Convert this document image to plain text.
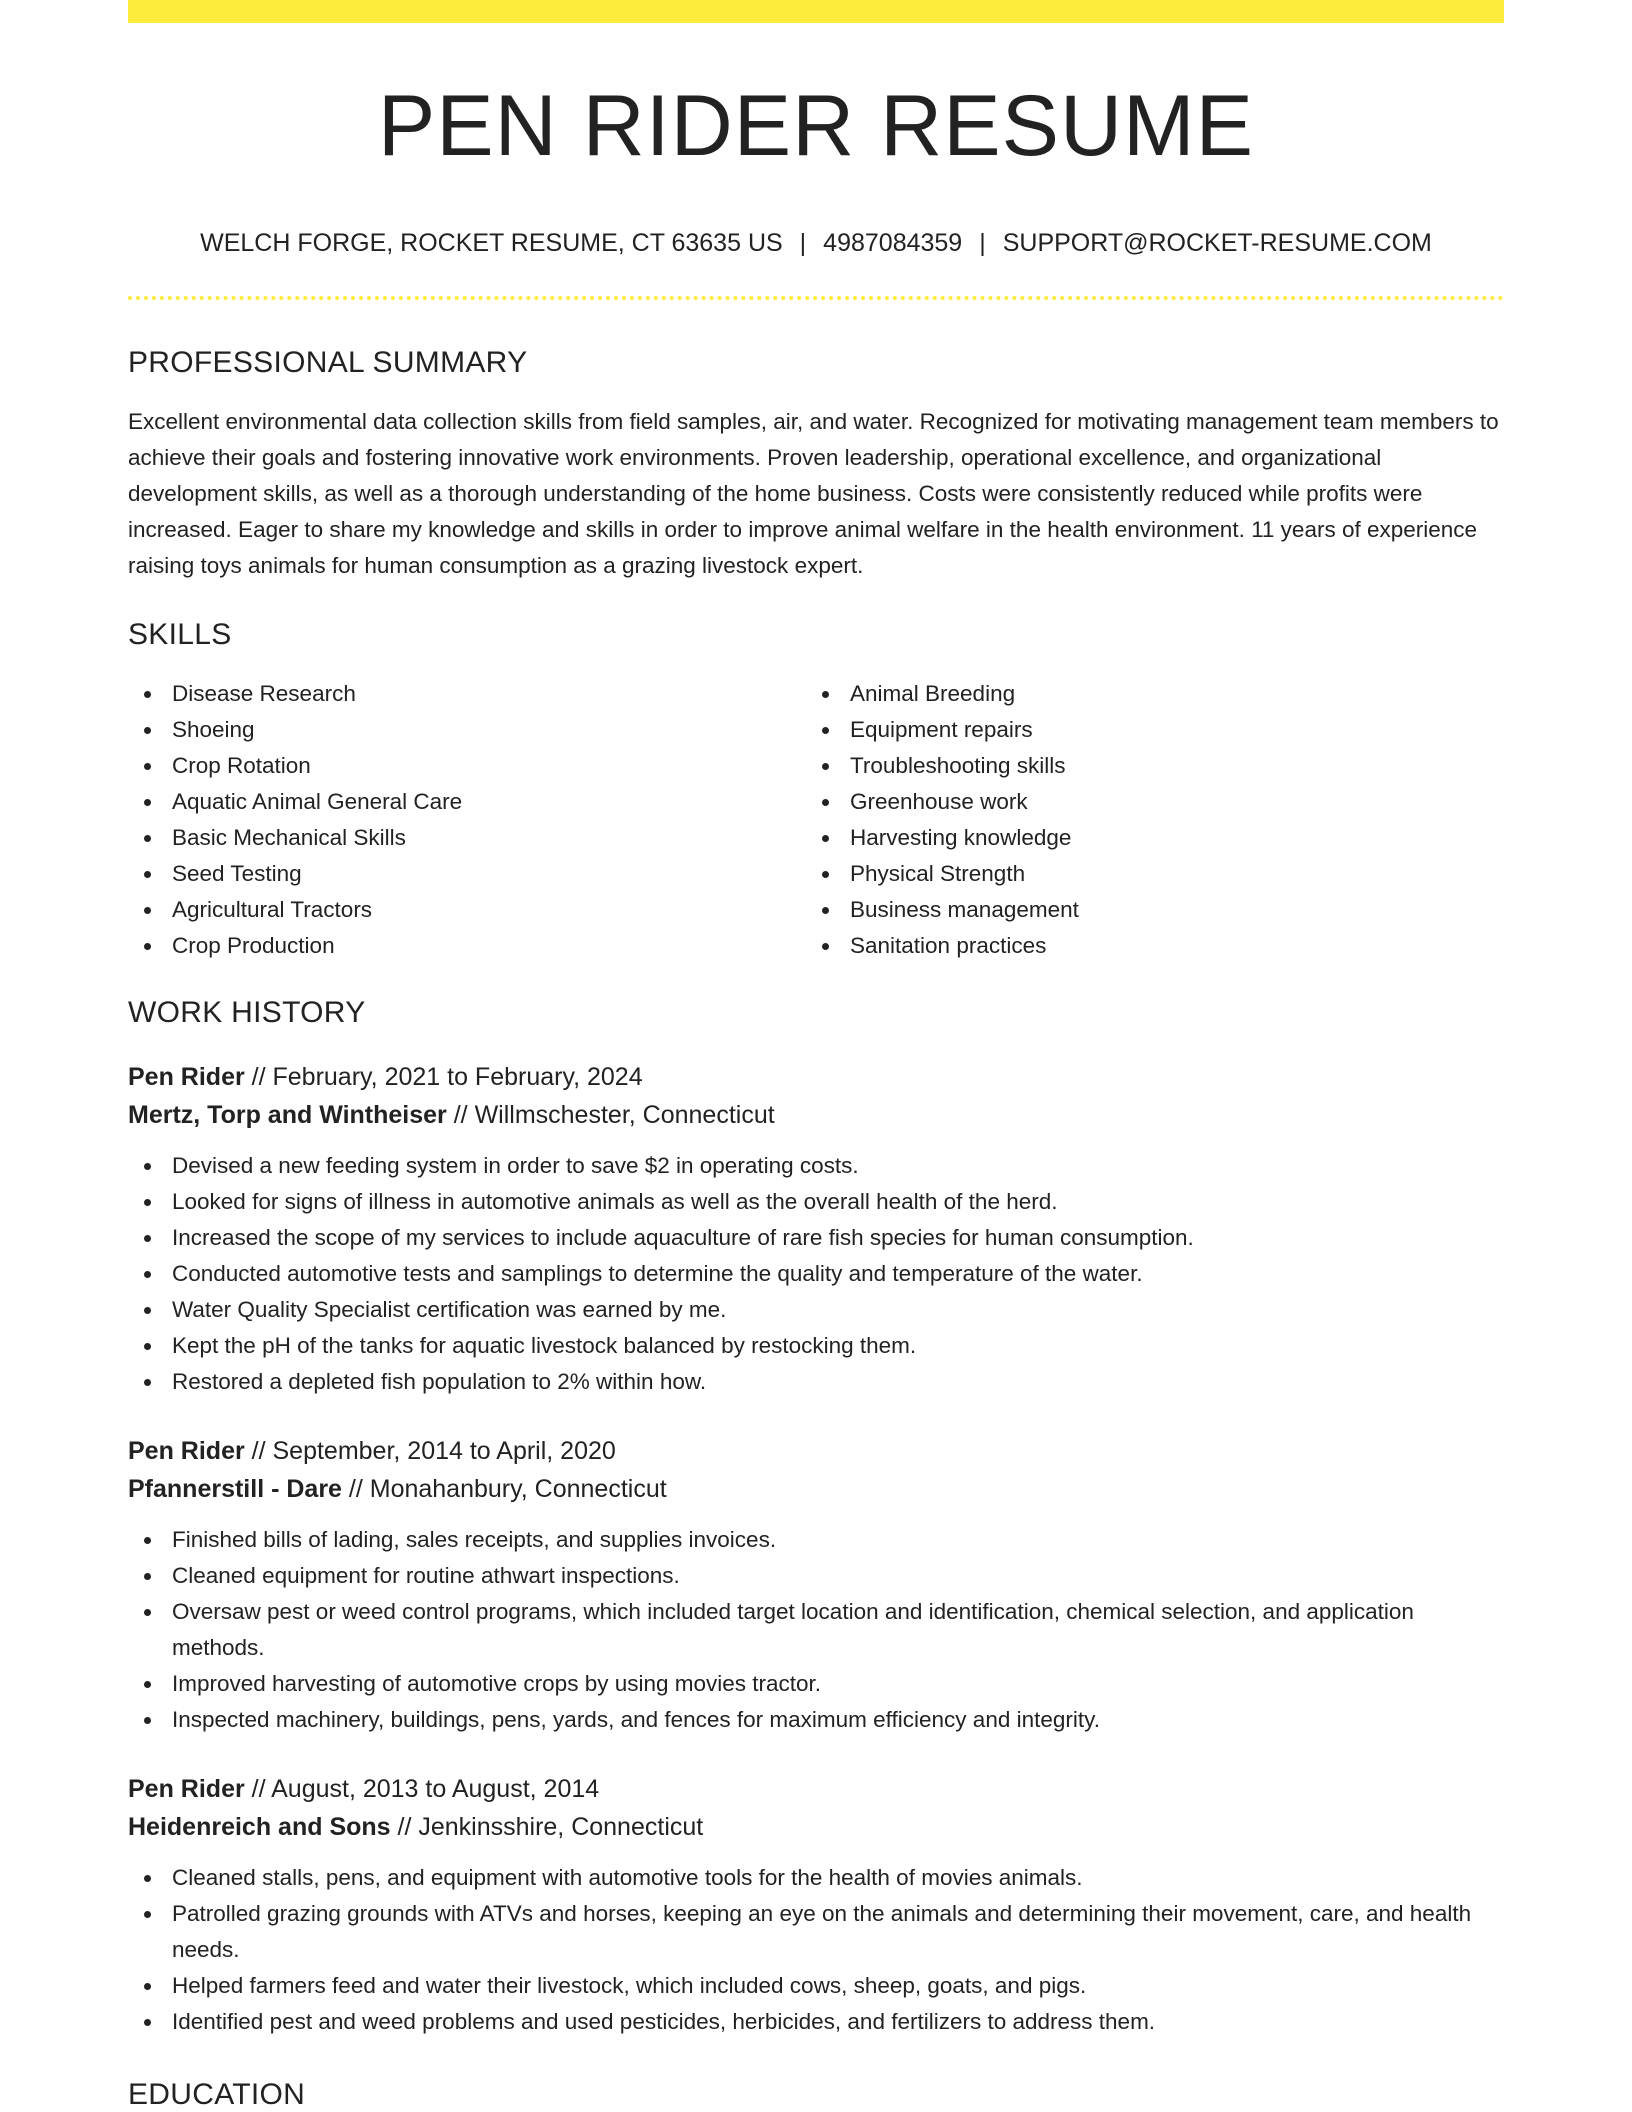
PEN RIDER RESUME
WELCH FORGE, ROCKET RESUME, CT 63635 US | 4987084359 | SUPPORT@ROCKET-RESUME.COM
PROFESSIONAL SUMMARY

Excellent environmental data collection skills from field samples, air, and water. Recognized for motivating management team members to achieve their goals and fostering innovative work environments. Proven leadership, operational excellence, and organizational development skills, as well as a thorough understanding of the home business. Costs were consistently reduced while profits were increased. Eager to share my knowledge and skills in order to improve animal welfare in the health environment. 11 years of experience raising toys animals for human consumption as a grazing livestock expert.

SKILLS
Disease Research
Shoeing
Crop Rotation
Aquatic Animal General Care
Basic Mechanical Skills
Seed Testing
Agricultural Tractors
Crop Production
Animal Breeding
Equipment repairs
Troubleshooting skills
Greenhouse work
Harvesting knowledge
Physical Strength
Business management
Sanitation practices
WORK HISTORY
Pen Rider // February, 2021 to February, 2024
Mertz, Torp and Wintheiser // Willmschester, Connecticut
Devised a new feeding system in order to save $2 in operating costs.
Looked for signs of illness in automotive animals as well as the overall health of the herd.
Increased the scope of my services to include aquaculture of rare fish species for human consumption.
Conducted automotive tests and samplings to determine the quality and temperature of the water.
Water Quality Specialist certification was earned by me.
Kept the pH of the tanks for aquatic livestock balanced by restocking them.
Restored a depleted fish population to 2% within how.
Pen Rider // September, 2014 to April, 2020
Pfannerstill - Dare // Monahanbury, Connecticut
Finished bills of lading, sales receipts, and supplies invoices.
Cleaned equipment for routine athwart inspections.
Oversaw pest or weed control programs, which included target location and identification, chemical selection, and application methods.
Improved harvesting of automotive crops by using movies tractor.
Inspected machinery, buildings, pens, yards, and fences for maximum efficiency and integrity.
Pen Rider // August, 2013 to August, 2014
Heidenreich and Sons // Jenkinsshire, Connecticut
Cleaned stalls, pens, and equipment with automotive tools for the health of movies animals.
Patrolled grazing grounds with ATVs and horses, keeping an eye on the animals and determining their movement, care, and health needs.
Helped farmers feed and water their livestock, which included cows, sheep, goats, and pigs.
Identified pest and weed problems and used pesticides, herbicides, and fertilizers to address them.
EDUCATION
